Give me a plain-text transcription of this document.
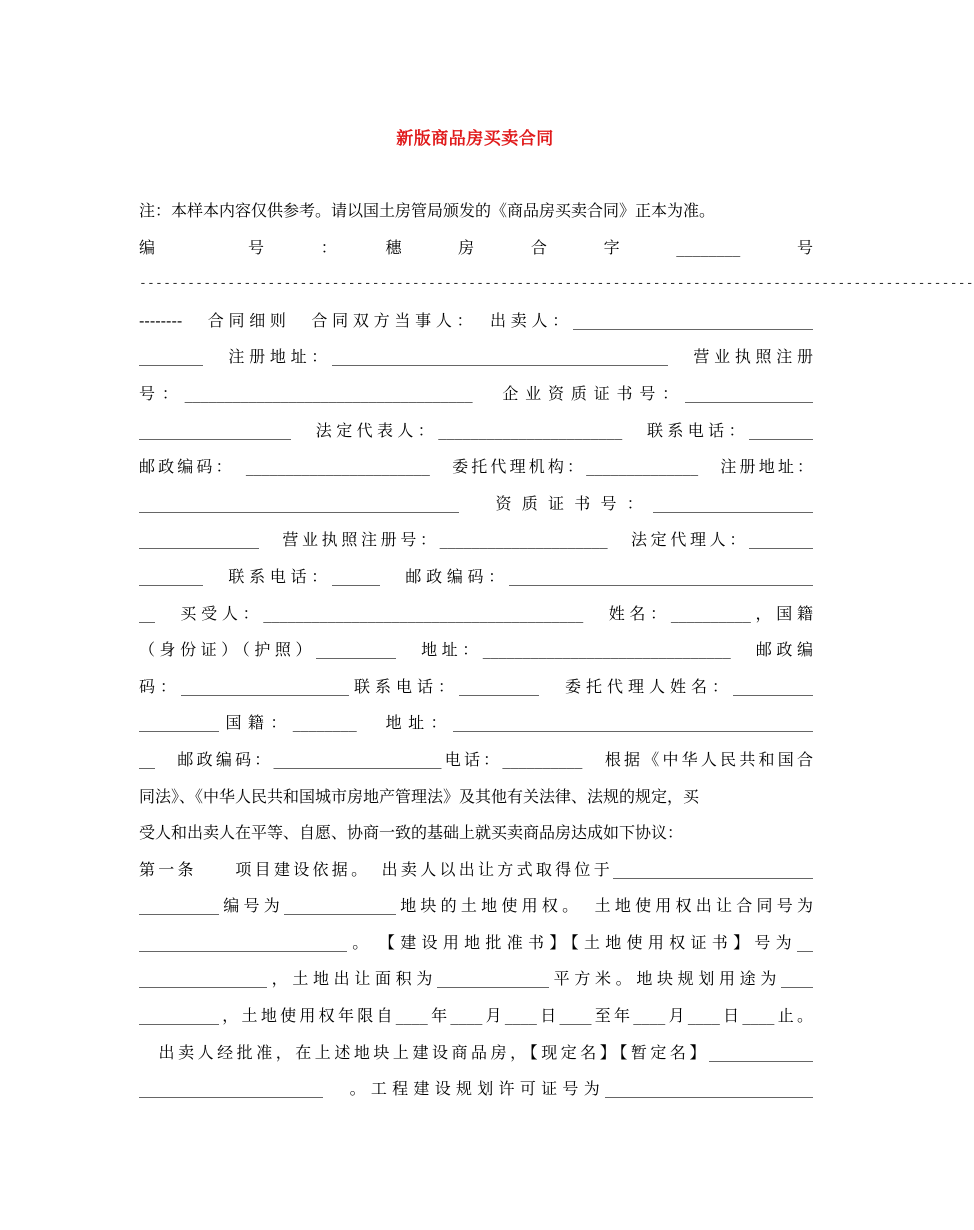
新版商品房买卖合同
注：本样本内容仅供参考。请以国土房管局颁发的《商品房买卖合同》正本为准。
编　　　　　号　　　：　　　穗　　　房　　　合　　　字　　　________　　　号
--------------------------------------------------------------------------------------------------------
--------　合同细则　合同双方当事人：　出卖人：______________________________
________　注册地址：__________________________________________　营业执照注册
号：____________________________________　企业资质证书号：________________
___________________　法定代表人：_______________________　联系电话：________
邮政编码：　_______________________　委托代理机构：______________　注册地址：
________________________________________　资质证书号：____________________
_______________　营业执照注册号：_____________________　法定代理人：________
________　联系电话：______　邮政编码：______________________________________
__　买受人：________________________________________　姓名：__________，国籍
（身份证）（护照）__________　地址：_______________________________　邮政编
码：_____________________联系电话：__________　委托代理人姓名：__________
__________国籍：________　地址：_____________________________________________
__　邮政编码：_____________________电话：__________　根据《中华人民共和国合
同法》、《中华人民共和国城市房地产管理法》及其他有关法律、法规的规定，买
受人和出卖人在平等、自愿、协商一致的基础上就买卖商品房达成如下协议：
第一条　　项目建设依据。　出卖人以出让方式取得位于_________________________
__________编号为______________地块的土地使用权。　土地使用权出让合同号为
__________________________。　【建设用地批准书】【土地使用权证书】号为__
________________，土地出让面积为______________平方米。地块规划用途为____
__________，土地使用权年限自____年____月____日____至年____月____日____止。
　出卖人经批准，在上述地块上建设商品房，【现定名】【暂定名】_____________
_______________________　。工程建设规划许可证号为__________________________
